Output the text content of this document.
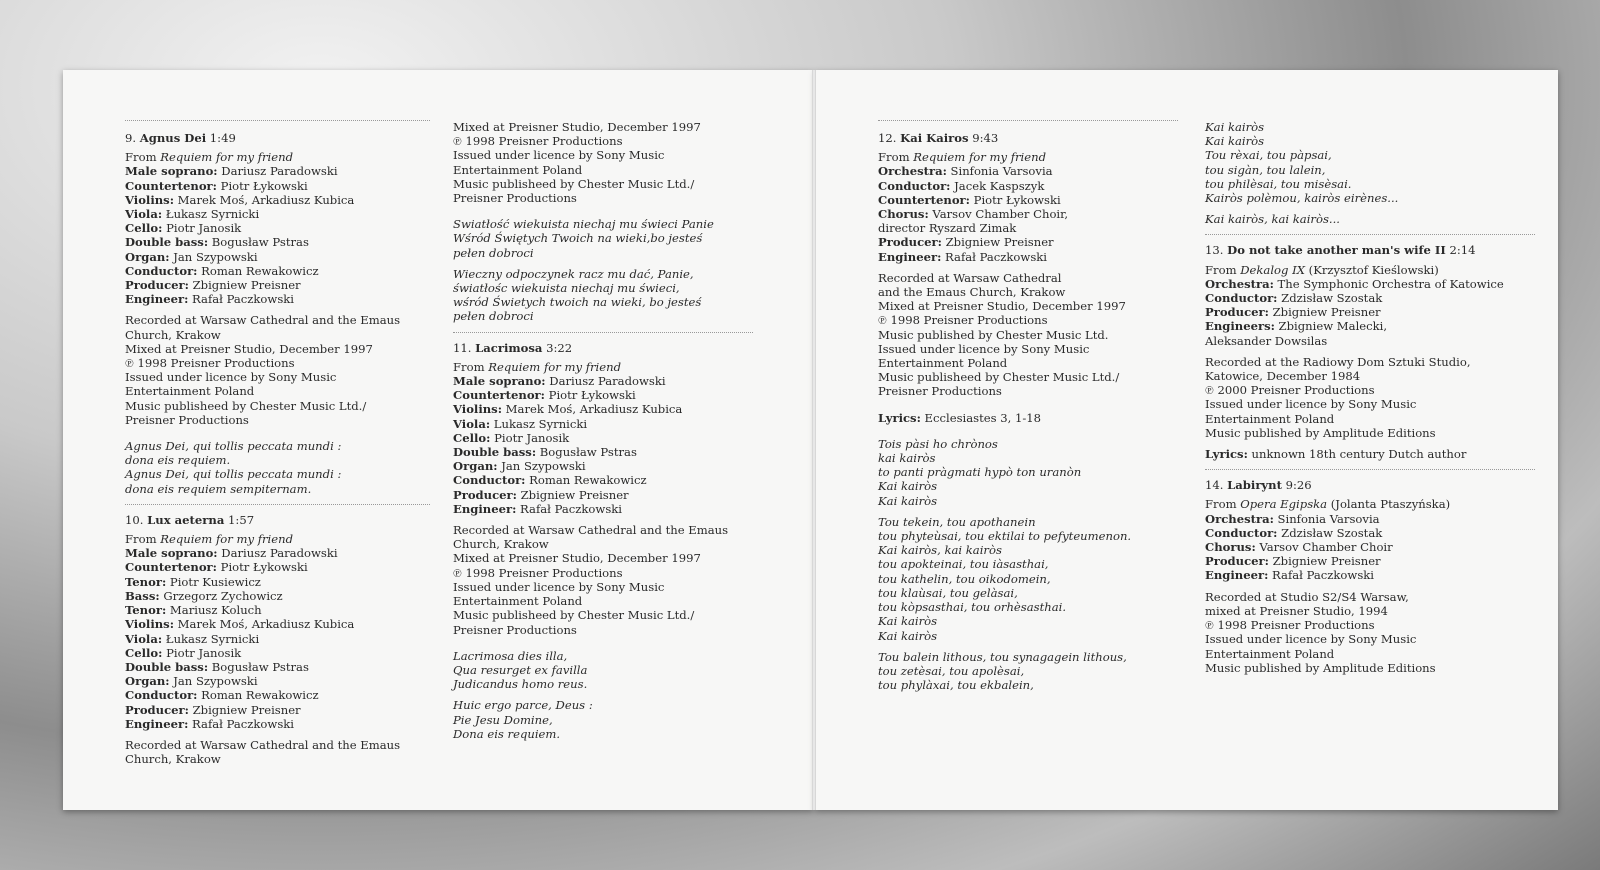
9. Agnus Dei 1:49
From Requiem for my friend
Male soprano: Dariusz Paradowski
Countertenor: Piotr Łykowski
Violins: Marek Moś, Arkadiusz Kubica
Viola: Łukasz Syrnicki
Cello: Piotr Janosik
Double bass: Bogusław Pstras
Organ: Jan Szypowski
Conductor: Roman Rewakowicz
Producer: Zbigniew Preisner
Engineer: Rafał Paczkowski
Recorded at Warsaw Cathedral and the Emaus
Church, Krakow
Mixed at Preisner Studio, December 1997
℗ 1998 Preisner Productions
Issued under licence by Sony Music
Entertainment Poland
Music publisheed by Chester Music Ltd./
Preisner Productions
Agnus Dei, qui tollis peccata mundi :
dona eis requiem.
Agnus Dei, qui tollis peccata mundi :
dona eis requiem sempiternam.
10. Lux aeterna 1:57
From Requiem for my friend
Male soprano: Dariusz Paradowski
Countertenor: Piotr Łykowski
Tenor: Piotr Kusiewicz
Bass: Grzegorz Zychowicz
Tenor: Mariusz Koluch
Violins: Marek Moś, Arkadiusz Kubica
Viola: Łukasz Syrnicki
Cello: Piotr Janosik
Double bass: Bogusław Pstras
Organ: Jan Szypowski
Conductor: Roman Rewakowicz
Producer: Zbigniew Preisner
Engineer: Rafał Paczkowski
Recorded at Warsaw Cathedral and the Emaus
Church, Krakow
Mixed at Preisner Studio, December 1997
℗ 1998 Preisner Productions
Issued under licence by Sony Music
Entertainment Poland
Music publisheed by Chester Music Ltd./
Preisner Productions
Swiatłość wiekuista niechaj mu świeci Panie
Wśród Świętych Twoich na wieki,bo jesteś
pełen dobroci
Wieczny odpoczynek racz mu dać, Panie,
światłośc wiekuista niechaj mu świeci,
wśród Świetych twoich na wieki, bo jesteś
pełen dobroci
11. Lacrimosa 3:22
From Requiem for my friend
Male soprano: Dariusz Paradowski
Countertenor: Piotr Łykowski
Violins: Marek Moś, Arkadiusz Kubica
Viola: Lukasz Syrnicki
Cello: Piotr Janosik
Double bass: Bogusław Pstras
Organ: Jan Szypowski
Conductor: Roman Rewakowicz
Producer: Zbigniew Preisner
Engineer: Rafał Paczkowski
Recorded at Warsaw Cathedral and the Emaus
Church, Krakow
Mixed at Preisner Studio, December 1997
℗ 1998 Preisner Productions
Issued under licence by Sony Music
Entertainment Poland
Music publisheed by Chester Music Ltd./
Preisner Productions
Lacrimosa dies illa,
Qua resurget ex favilla
Judicandus homo reus.
Huic ergo parce, Deus :
Pie Jesu Domine,
Dona eis requiem.
12. Kai Kairos 9:43
From Requiem for my friend
Orchestra: Sinfonia Varsovia
Conductor: Jacek Kaspszyk
Countertenor: Piotr Łykowski
Chorus: Varsov Chamber Choir,
director Ryszard Zimak
Producer: Zbigniew Preisner
Engineer: Rafał Paczkowski
Recorded at Warsaw Cathedral
and the Emaus Church, Krakow
Mixed at Preisner Studio, December 1997
℗ 1998 Preisner Productions
Music published by Chester Music Ltd.
Issued under licence by Sony Music
Entertainment Poland
Music publisheed by Chester Music Ltd./
Preisner Productions
Lyrics: Ecclesiastes 3, 1-18
Tois pàsi ho chrònos
kai kairòs
to panti pràgmati hypò ton uranòn
Kai kairòs
Kai kairòs
Tou tekein, tou apothanein
tou phyteùsai, tou ektilai to pefyteumenon.
Kai kairòs, kai kairòs
tou apokteinai, tou iàsasthai,
tou kathelin, tou oikodomein,
tou klaùsai, tou gelàsai,
tou kòpsasthai, tou orhèsasthai.
Kai kairòs
Kai kairòs
Tou balein lithous, tou synagagein lithous,
tou zetèsai, tou apolèsai,
tou phylàxai, tou ekbalein,
Kai kairòs
Kai kairòs
Tou rèxai, tou pàpsai,
tou sigàn, tou lalein,
tou philèsai, tou misèsai.
Kairòs polèmou, kairòs eirènes...
Kai kairòs, kai kairòs...
13. Do not take another man's wife II 2:14
From Dekalog IX (Krzysztof Kieślowski)
Orchestra: The Symphonic Orchestra of Katowice
Conductor: Zdzisław Szostak
Producer: Zbigniew Preisner
Engineers: Zbigniew Malecki,
Aleksander Dowsilas
Recorded at the Radiowy Dom Sztuki Studio,
Katowice, December 1984
℗ 2000 Preisner Productions
Issued under licence by Sony Music
Entertainment Poland
Music published by Amplitude Editions
Lyrics: unknown 18th century Dutch author
14. Labirynt 9:26
From Opera Egipska (Jolanta Ptaszyńska)
Orchestra: Sinfonia Varsovia
Conductor: Zdzisław Szostak
Chorus: Varsov Chamber Choir
Producer: Zbigniew Preisner
Engineer: Rafał Paczkowski
Recorded at Studio S2/S4 Warsaw,
mixed at Preisner Studio, 1994
℗ 1998 Preisner Productions
Issued under licence by Sony Music
Entertainment Poland
Music published by Amplitude Editions
